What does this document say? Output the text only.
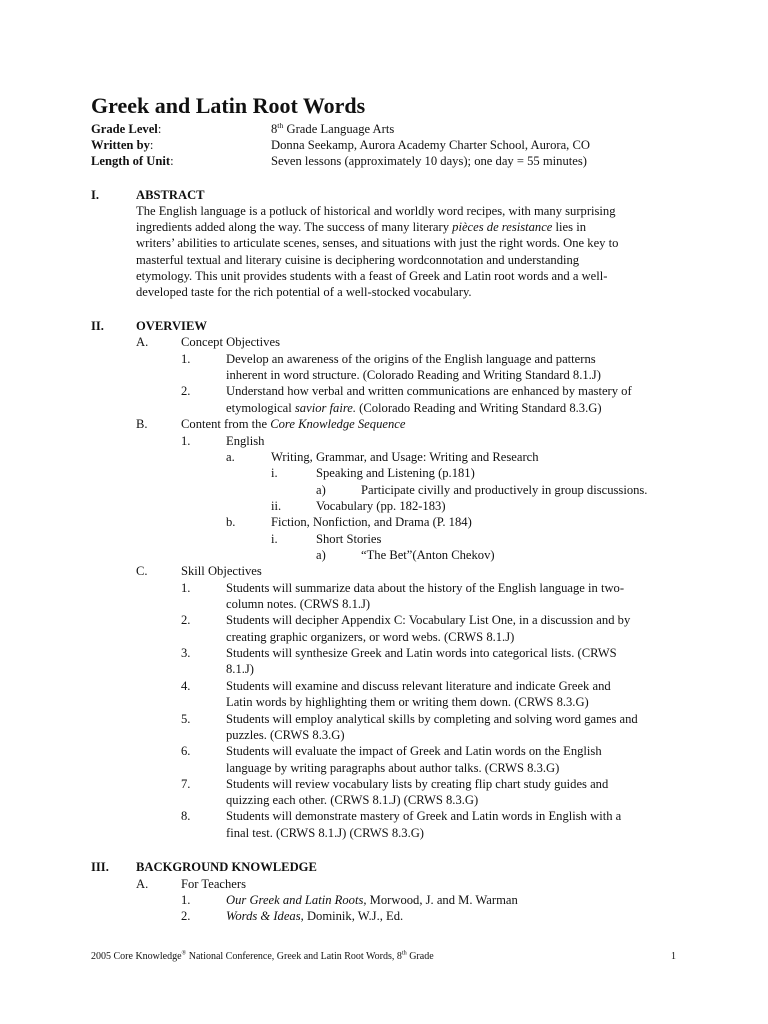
Greek and Latin Root Words
Grade Level:	8th Grade Language Arts
Written by:	Donna Seekamp, Aurora Academy Charter School, Aurora, CO
Length of Unit:	Seven lessons (approximately 10 days); one day = 55 minutes)
I.	ABSTRACT
The English language is a potluck of historical and worldly word recipes, with many surprising
ingredients added along the way. The success of many literary pièces de resistance lies in
writers’ abilities to articulate scenes, senses, and situations with just the right words. One key to
masterful textual and literary cuisine is deciphering wordconnotation and understanding
etymology. This unit provides students with a feast of Greek and Latin root words and a well-
developed taste for the rich potential of a well-stocked vocabulary.
II.	OVERVIEW
A.	Concept Objectives
1.	Develop an awareness of the origins of the English language and patterns
inherent in word structure. (Colorado Reading and Writing Standard 8.1.J)
2.	Understand how verbal and written communications are enhanced by mastery of
etymological savior faire. (Colorado Reading and Writing Standard 8.3.G)
B.	Content from the Core Knowledge Sequence
1.	English
a.	Writing, Grammar, and Usage: Writing and Research
i.	Speaking and Listening (p.181)
a)	Participate civilly and productively in group discussions.
ii.	Vocabulary (pp. 182-183)
b.	Fiction, Nonfiction, and Drama (P. 184)
i.	Short Stories
a)	“The Bet”(Anton Chekov)
C.	Skill Objectives
1.	Students will summarize data about the history of the English language in two-
column notes. (CRWS 8.1.J)
2.	Students will decipher Appendix C: Vocabulary List One, in a discussion and by
creating graphic organizers, or word webs. (CRWS 8.1.J)
3.	Students will synthesize Greek and Latin words into categorical lists. (CRWS
8.1.J)
4.	Students will examine and discuss relevant literature and indicate Greek and
Latin words by highlighting them or writing them down. (CRWS 8.3.G)
5.	Students will employ analytical skills by completing and solving word games and
puzzles. (CRWS 8.3.G)
6.	Students will evaluate the impact of Greek and Latin words on the English
language by writing paragraphs about author talks. (CRWS 8.3.G)
7.	Students will review vocabulary lists by creating flip chart study guides and
quizzing each other. (CRWS 8.1.J) (CRWS 8.3.G)
8.	Students will demonstrate mastery of Greek and Latin words in English with a
final test. (CRWS 8.1.J) (CRWS 8.3.G)
III. BACKGROUND KNOWLEDGE
A.	For Teachers
1.	Our Greek and Latin Roots, Morwood, J. and M. Warman
2.	Words & Ideas, Dominik, W.J., Ed.
2005 Core Knowledge® National Conference, Greek and Latin Root Words, 8th Grade	1
